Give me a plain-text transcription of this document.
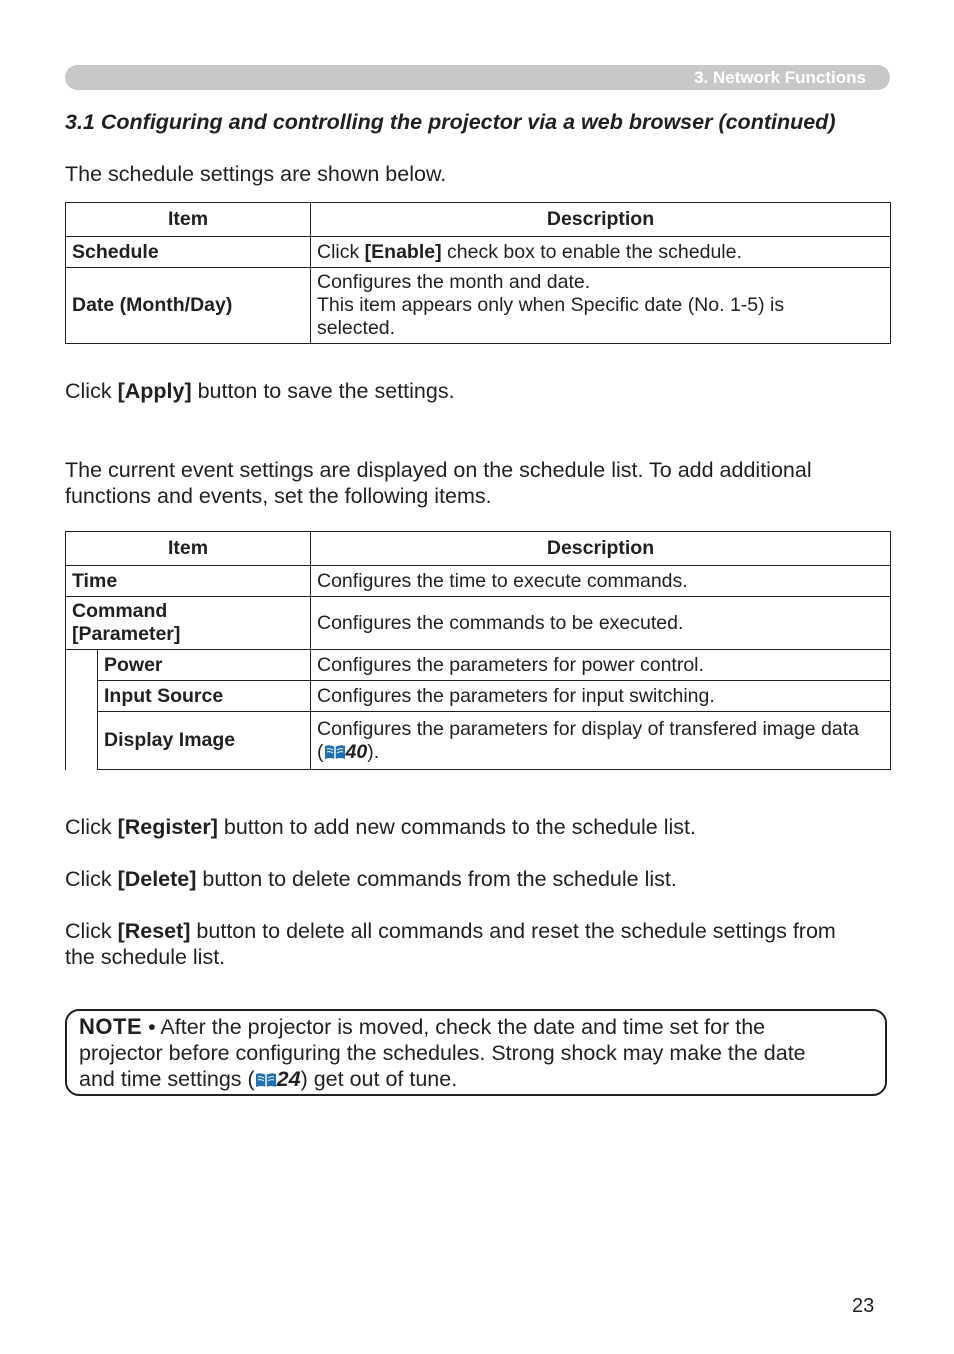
3. Network Functions
3.1 Configuring and controlling the projector via a web browser (continued)

The schedule settings are shown below.

Item	Description
Schedule	Click [Enable] check box to enable the schedule.
Date (Month/Day)	Configures the month and date.
This item appears only when Specific date (No. 1-5) is
selected.

Click [Apply] button to save the settings.

The current event settings are displayed on the schedule list. To add additional
functions and events, set the following items.

Item		Description
Time		Configures the time to execute commands.
Command
[Parameter]		Configures the commands to be executed.
	Power	Configures the parameters for power control.
	Input Source	Configures the parameters for input switching.
	Display Image	Configures the parameters for display of transfered image data
( 40).

Click [Register] button to add new commands to the schedule list.

Click [Delete] button to delete commands from the schedule list.

Click [Reset] button to delete all commands and reset the schedule settings from
the schedule list.

NOTE • After the projector is moved, check the date and time set for the
projector before configuring the schedules. Strong shock may make the date
and time settings ( 24) get out of tune.

23
